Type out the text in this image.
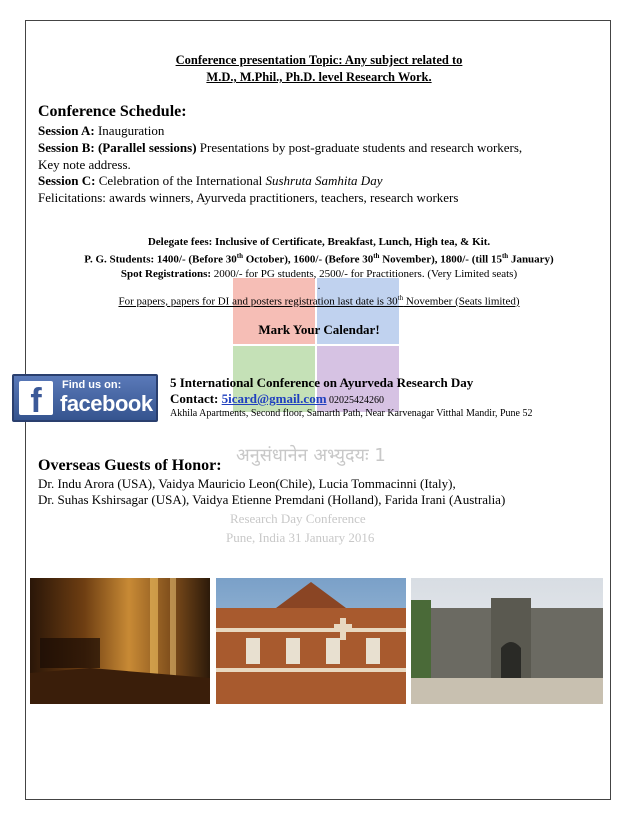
अनुसंधानेन अभ्युदयः 1
Research Day Conference
Pune, India 31 January 2016
Conference presentation Topic: Any subject related to
M.D., M.Phil., Ph.D. level Research Work.
Conference Schedule:
Session A: Inauguration
Session B: (Parallel sessions) Presentations by post-graduate students and research workers,
Key note address.
Session C: Celebration of the International Sushruta Samhita Day
Felicitations: awards winners, Ayurveda practitioners, teachers, research workers
Delegate fees: Inclusive of Certificate, Breakfast, Lunch, High tea, & Kit.
P. G. Students: 1400/- (Before 30th October), 1600/- (Before 30th November), 1800/- (till 15th January)
Spot Registrations: 2000/- for PG students, 2500/- for Practitioners. (Very Limited seats)
.
For papers, papers for DI and posters registration last date is 30th November (Seats limited)
Mark Your Calendar!
f	Find us on:
facebook
5 International Conference on Ayurveda Research Day
Contact: 5icard@gmail.com 02025424260
Akhila Apartments, Second floor, Samarth Path, Near Karvenagar Vitthal Mandir, Pune 52
Overseas Guests of Honor:
Dr. Indu Arora (USA), Vaidya Mauricio Leon(Chile), Lucia Tommacinni (Italy),
Dr. Suhas Kshirsagar (USA), Vaidya Etienne Premdani (Holland), Farida Irani (Australia)
